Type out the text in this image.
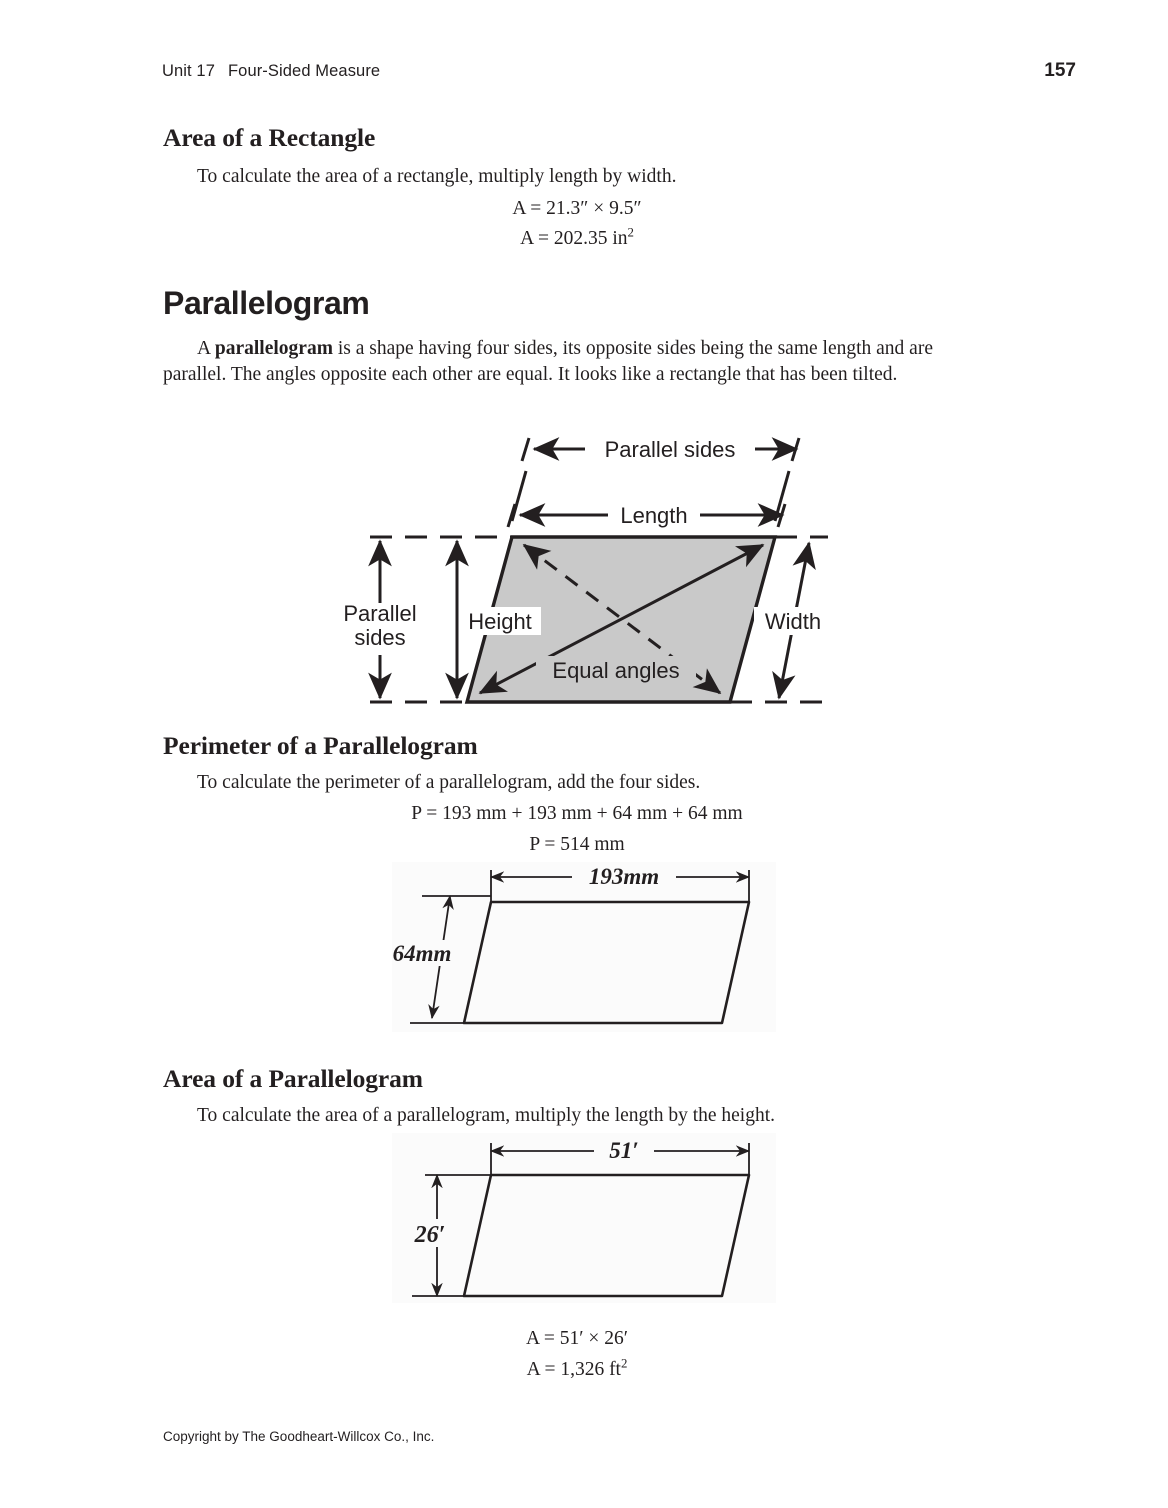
Unit 17 Four-Sided Measure	157
Area of a Rectangle
To calculate the area of a rectangle, multiply length by width.
A = 21.3″ × 9.5″
A = 202.35 $in^2$
Parallelogram
A parallelogram is a shape having four sides, its opposite sides being the same length and are parallel. The angles opposite each other are equal. It looks like a rectangle that has been tilted.
Parallel sides
Length
Parallel
sides
Height	Width
Equal angles
Perimeter of a Parallelogram
To calculate the perimeter of a parallelogram, add the four sides.
P = 193 mm + 193 mm + 64 mm + 64 mm
P = 514 mm
193mm
64mm
Area of a Parallelogram
To calculate the area of a parallelogram, multiply the length by the height.
51′
26′
A = 51′ × 26′
A = 1,326 $ft^2$
Copyright by The Goodheart-Willcox Co., Inc.
